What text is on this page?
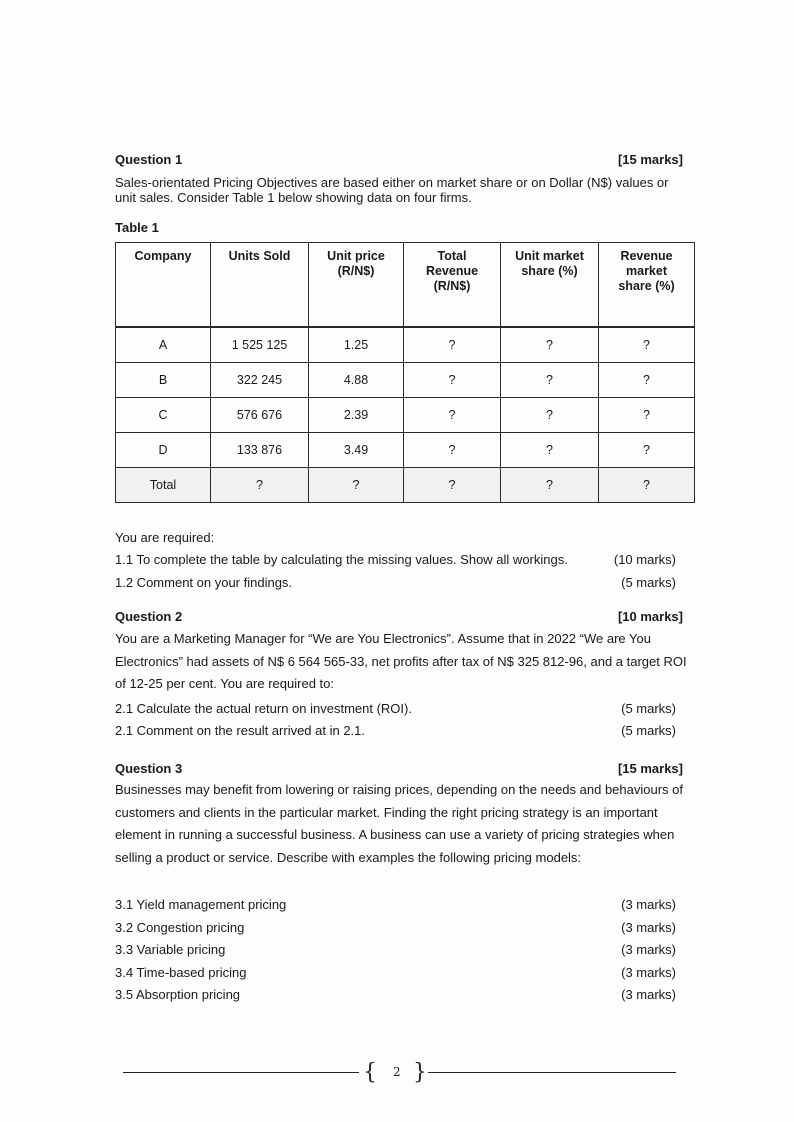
Question 1	[15 marks]
Sales-orientated Pricing Objectives are based either on market share or on Dollar (N$) values or unit sales. Consider Table 1 below showing data on four firms.
Table 1
Company	Units Sold	Unit price (R/N$)	Total Revenue (R/N$)	Unit market share (%)	Revenue market share (%)
A	1 525 125	1.25	?	?	?
B	322 245	4.88	?	?	?
C	576 676	2.39	?	?	?
D	133 876	3.49	?	?	?
Total	?	?	?	?	?
You are required:
1.1 To complete the table by calculating the missing values. Show all workings.	(10 marks)
1.2 Comment on your findings.	(5 marks)
Question 2	[10 marks]
You are a Marketing Manager for “We are You Electronics”. Assume that in 2022 “We are You Electronics” had assets of N$ 6 564 565-33, net profits after tax of N$ 325 812-96, and a target ROI of 12-25 per cent. You are required to:
2.1 Calculate the actual return on investment (ROI).	(5 marks)
2.1 Comment on the result arrived at in 2.1.	(5 marks)
Question 3	[15 marks]
Businesses may benefit from lowering or raising prices, depending on the needs and behaviours of customers and clients in the particular market. Finding the right pricing strategy is an important element in running a successful business. A business can use a variety of pricing strategies when selling a product or service. Describe with examples the following pricing models:
3.1 Yield management pricing	(3 marks)
3.2 Congestion pricing	(3 marks)
3.3 Variable pricing	(3 marks)
3.4 Time-based pricing	(3 marks)
3.5 Absorption pricing	(3 marks)
{ 2 }
